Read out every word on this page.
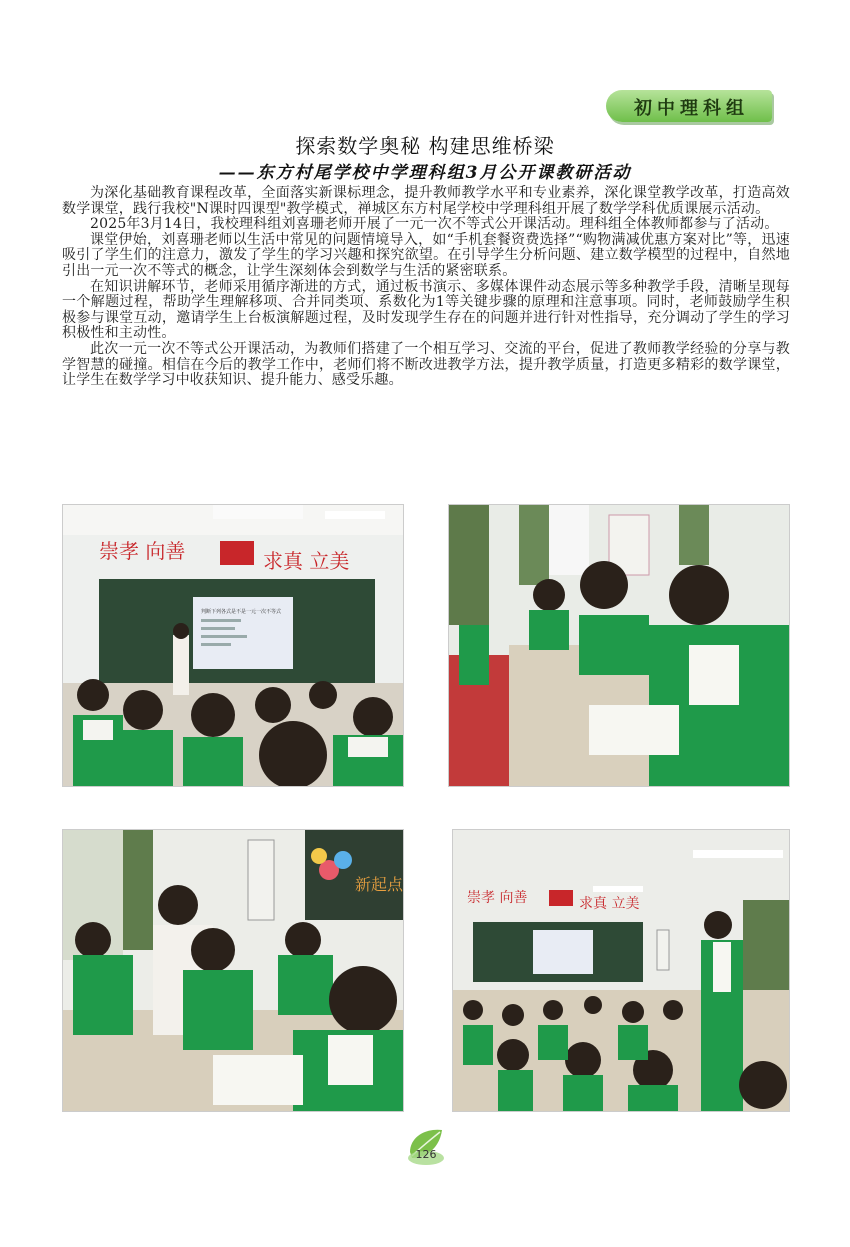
初中理科组
探索数学奥秘 构建思维桥梁
——东方村尾学校中学理科组3月公开课教研活动

为深化基础教育课程改革，全面落实新课标理念，提升教师教学水平和专业素养，深化课堂教学改革，打造高效数学课堂，践行我校"N课时四课型"教学模式，禅城区东方村尾学校中学理科组开展了数学学科优质课展示活动。

2025年3月14日，我校理科组刘喜珊老师开展了一元一次不等式公开课活动。理科组全体教师都参与了活动。

课堂伊始，刘喜珊老师以生活中常见的问题情境导入，如“手机套餐资费选择”“购物满减优惠方案对比”等，迅速吸引了学生们的注意力，激发了学生的学习兴趣和探究欲望。在引导学生分析问题、建立数学模型的过程中，自然地引出一元一次不等式的概念，让学生深刻体会到数学与生活的紧密联系。

在知识讲解环节，老师采用循序渐进的方式，通过板书演示、多媒体课件动态展示等多种教学手段，清晰呈现每一个解题过程，帮助学生理解移项、合并同类项、系数化为1等关键步骤的原理和注意事项。同时，老师鼓励学生积极参与课堂互动，邀请学生上台板演解题过程，及时发现学生存在的问题并进行针对性指导，充分调动了学生的学习积极性和主动性。

此次一元一次不等式公开课活动，为教师们搭建了一个相互学习、交流的平台，促进了教师教学经验的分享与教学智慧的碰撞。相信在今后的教学工作中，老师们将不断改进教学方法，提升教学质量，打造更多精彩的数学课堂，让学生在数学学习中收获知识、提升能力、感受乐趣。

崇孝 向善	求真 立美
判断下列各式是不是一元一次不等式
新起点
崇孝 向善	求真 立美
126
